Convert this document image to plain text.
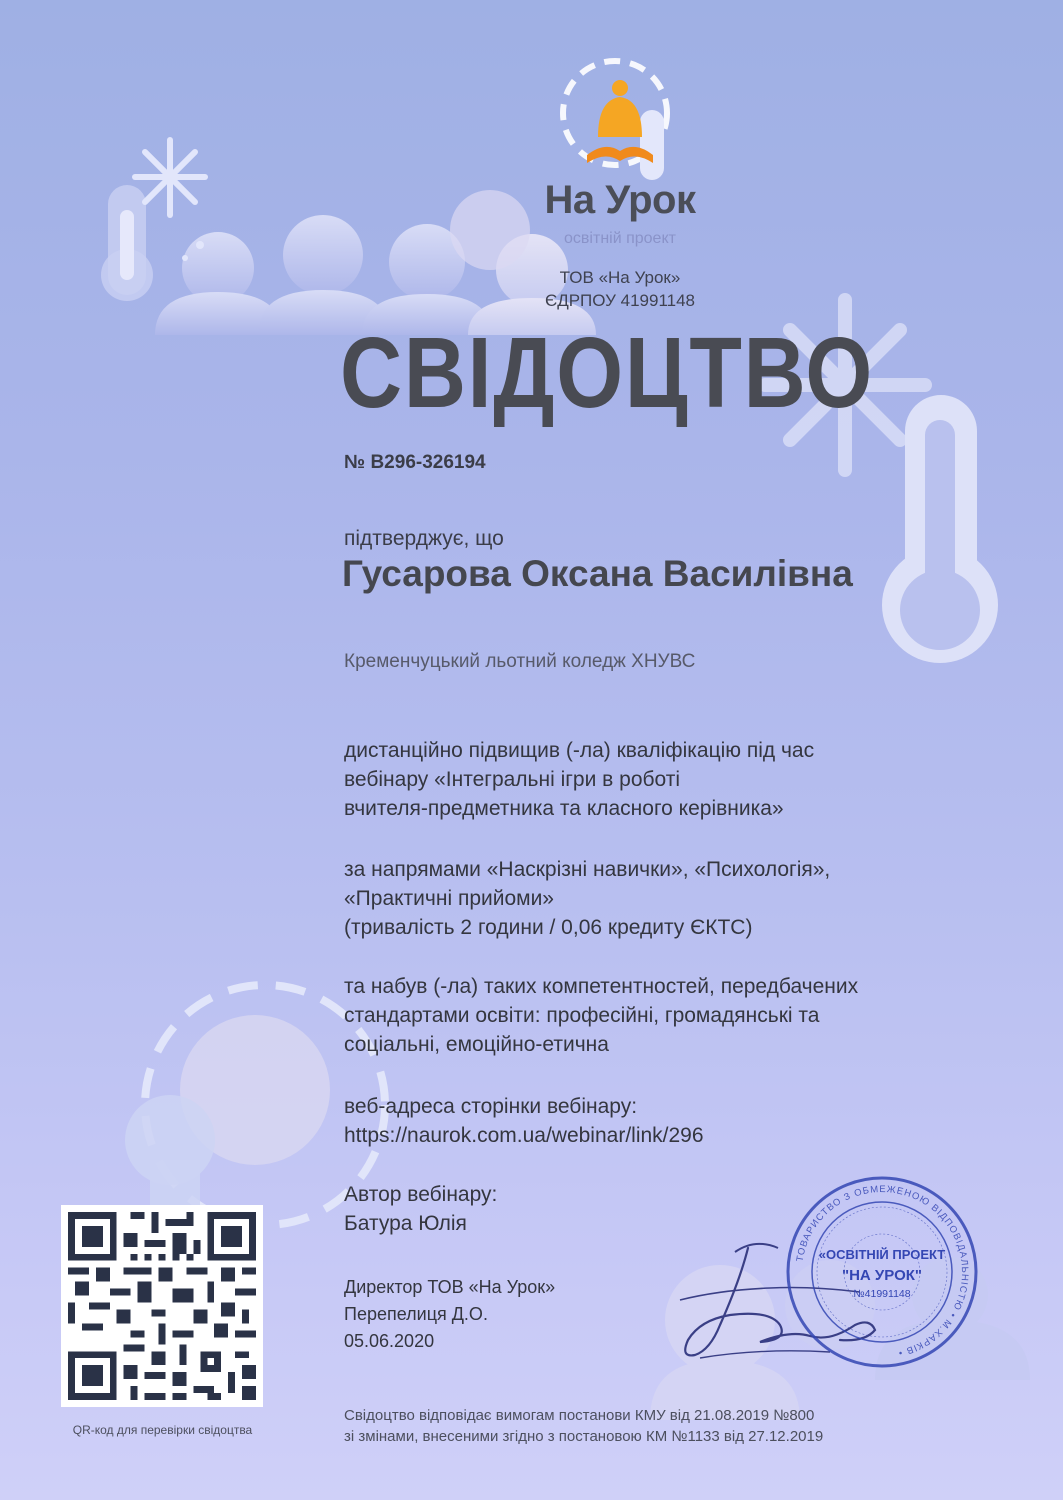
На Урок
освітній проект
ТОВ «На Урок»
ЄДРПОУ 41991148
СВІДОЦТВО
№ В296-326194
підтверджує, що
Гусарова Оксана Василівна
Кременчуцький льотний коледж ХНУВС
дистанційно підвищив (-ла) кваліфікацію під час
вебінару «Інтегральні ігри в роботі
вчителя-предметника та класного керівника»
за напрямами «Наскрізні навички», «Психологія»,
«Практичні прийоми»
(тривалість 2 години / 0,06 кредиту ЄКТС)
та набув (-ла) таких компетентностей, передбачених
стандартами освіти: професійні, громадянські та
соціальні, емоційно-етична
веб-адреса сторінки вебінару:
https://naurok.com.ua/webinar/link/296
Автор вебінару:
Батура Юлія
Директор ТОВ «На Урок»
Перепелиця Д.О.
05.06.2020
ТОВАРИСТВО З ОБМЕЖЕНОЮ ВІДПОВІДАЛЬНІСТЮ • М.ХАРКІВ •
«ОСВІТНІЙ ПРОЕКТ
"НА УРОК"
№41991148
QR-код для перевірки свідоцтва
Свідоцтво відповідає вимогам постанови КМУ від 21.08.2019 №800
зі змінами, внесеними згідно з постановою КМ №1133 від 27.12.2019
